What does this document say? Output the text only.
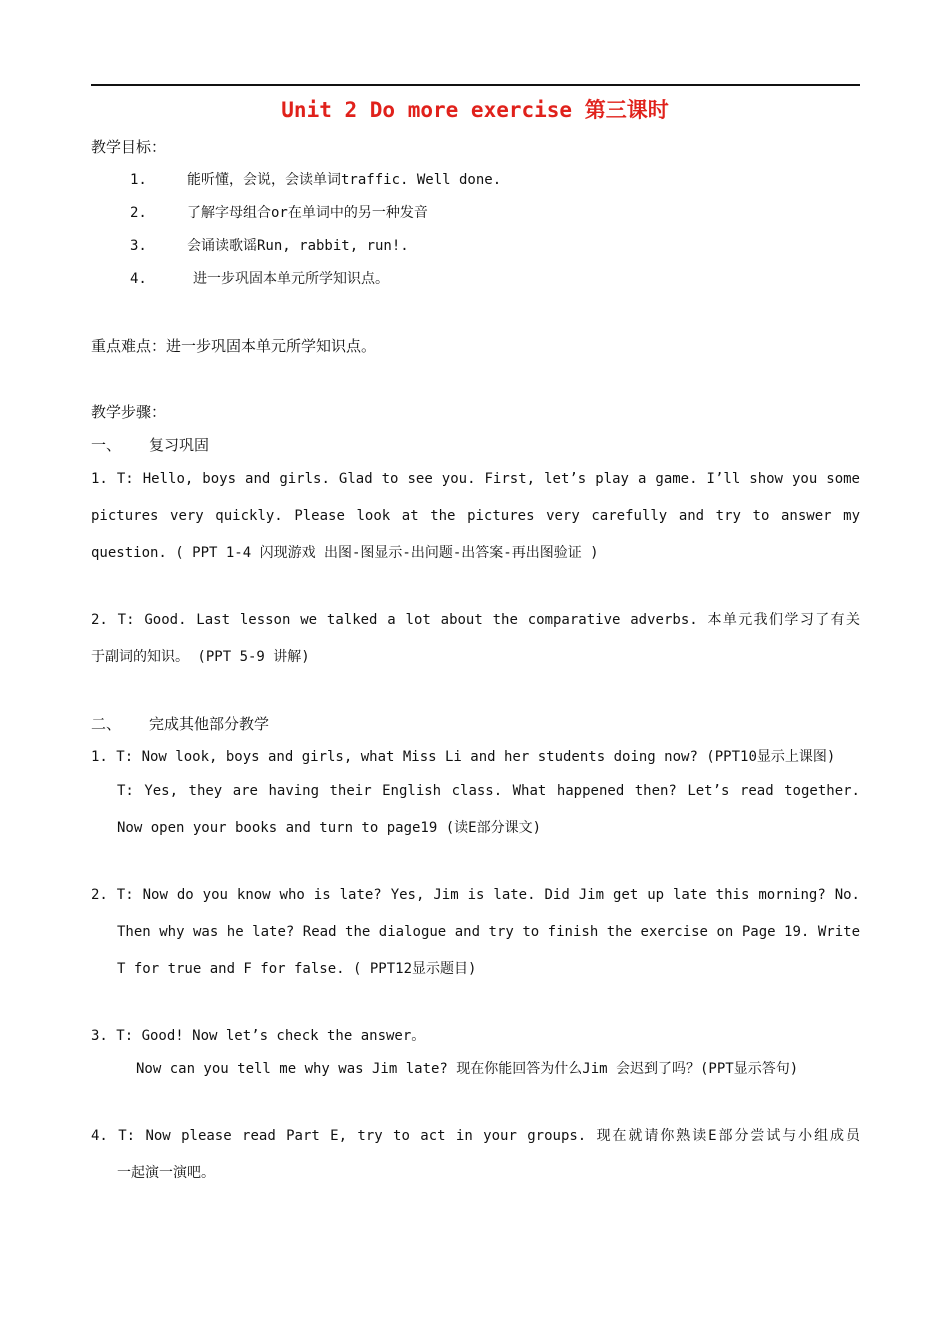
Unit 2 Do more exercise 第三课时
教学目标：
1.	能听懂，会说，会读单词traffic. Well done.
2.	了解字母组合or在单词中的另一种发音
3.	会诵读歌谣Run, rabbit, run!.
4.	进一步巩固本单元所学知识点。
重点难点：进一步巩固本单元所学知识点。
教学步骤：
一、 复习巩固
1. T: Hello, boys and girls. Glad to see you. First, let’s play a game. I’ll show you some
pictures very quickly. Please look at the pictures very carefully and try to answer my
question. ( PPT 1-4 闪现游戏 出图-图显示-出问题-出答案-再出图验证 )
2. T: Good. Last lesson we talked a lot about the comparative adverbs. 本单元我们学习了有关
于副词的知识。 (PPT 5-9 讲解)
二、 完成其他部分教学
1. T: Now look, boys and girls, what Miss Li and her students doing now? (PPT10显示上课图)
T: Yes, they are having their English class. What happened then? Let’s read together.
Now open your books and turn to page19 (读E部分课文)
2. T: Now do you know who is late? Yes, Jim is late. Did Jim get up late this morning? No.
Then why was he late? Read the dialogue and try to finish the exercise on Page 19. Write
T for true and F for false. ( PPT12显示题目)
3. T: Good! Now let’s check the answer。
Now can you tell me why was Jim late? 现在你能回答为什么Jim 会迟到了吗？(PPT显示答句)
4. T: Now please read Part E, try to act in your groups. 现在就请你熟读E部分尝试与小组成员
一起演一演吧。
